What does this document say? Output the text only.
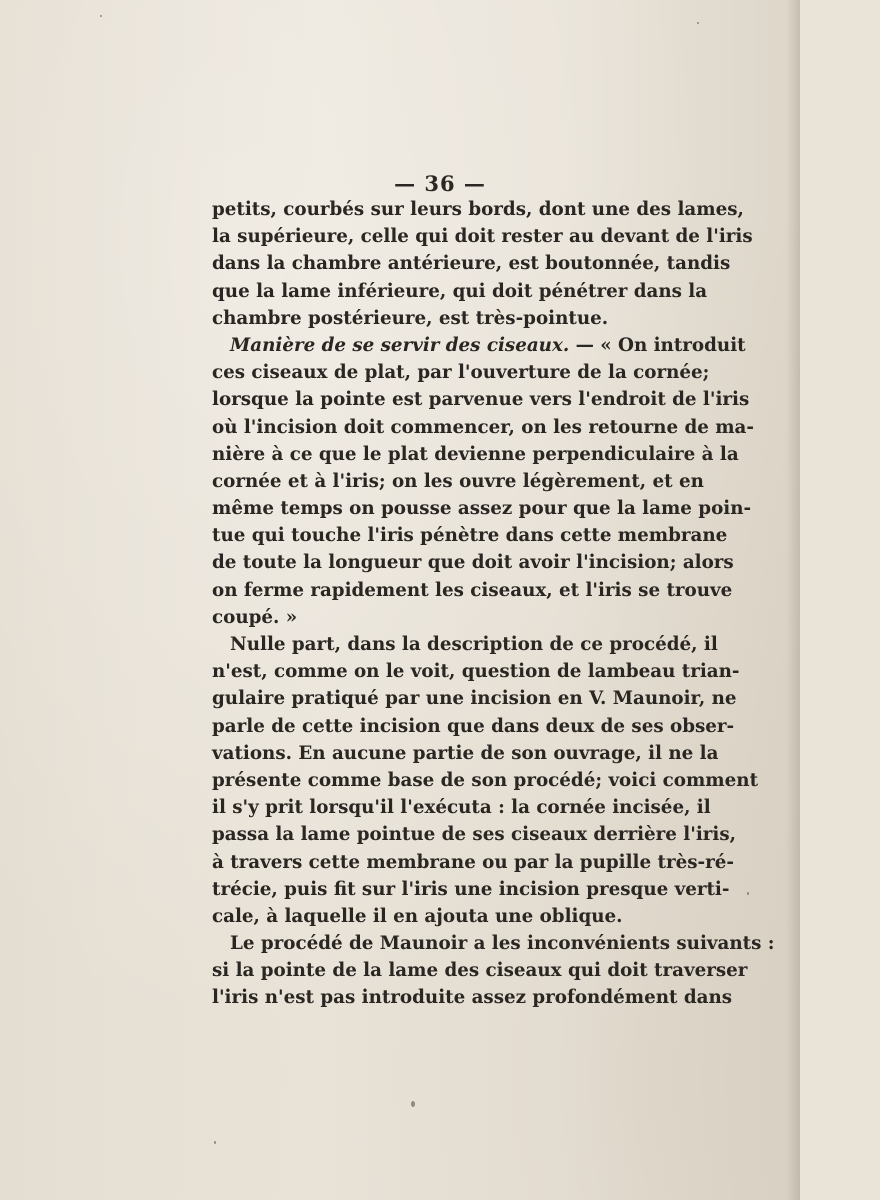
— 36 —
petits, courbés sur leurs bords, dont une des lames,
la supérieure, celle qui doit rester au devant de l'iris
dans la chambre antérieure, est boutonnée, tandis
que la lame inférieure, qui doit pénétrer dans la
chambre postérieure, est très-pointue.
Manière de se servir des ciseaux. — « On introduit
ces ciseaux de plat, par l'ouverture de la cornée;
lorsque la pointe est parvenue vers l'endroit de l'iris
où l'incision doit commencer, on les retourne de ma-
nière à ce que le plat devienne perpendiculaire à la
cornée et à l'iris; on les ouvre légèrement, et en
même temps on pousse assez pour que la lame poin-
tue qui touche l'iris pénètre dans cette membrane
de toute la longueur que doit avoir l'incision; alors
on ferme rapidement les ciseaux, et l'iris se trouve
coupé. »
Nulle part, dans la description de ce procédé, il
n'est, comme on le voit, question de lambeau trian-
gulaire pratiqué par une incision en V. Maunoir, ne
parle de cette incision que dans deux de ses obser-
vations. En aucune partie de son ouvrage, il ne la
présente comme base de son procédé; voici comment
il s'y prit lorsqu'il l'exécuta : la cornée incisée, il
passa la lame pointue de ses ciseaux derrière l'iris,
à travers cette membrane ou par la pupille très-ré-
trécie, puis fit sur l'iris une incision presque verti-
cale, à laquelle il en ajouta une oblique.
Le procédé de Maunoir a les inconvénients suivants :
si la pointe de la lame des ciseaux qui doit traverser
l'iris n'est pas introduite assez profondément dans
